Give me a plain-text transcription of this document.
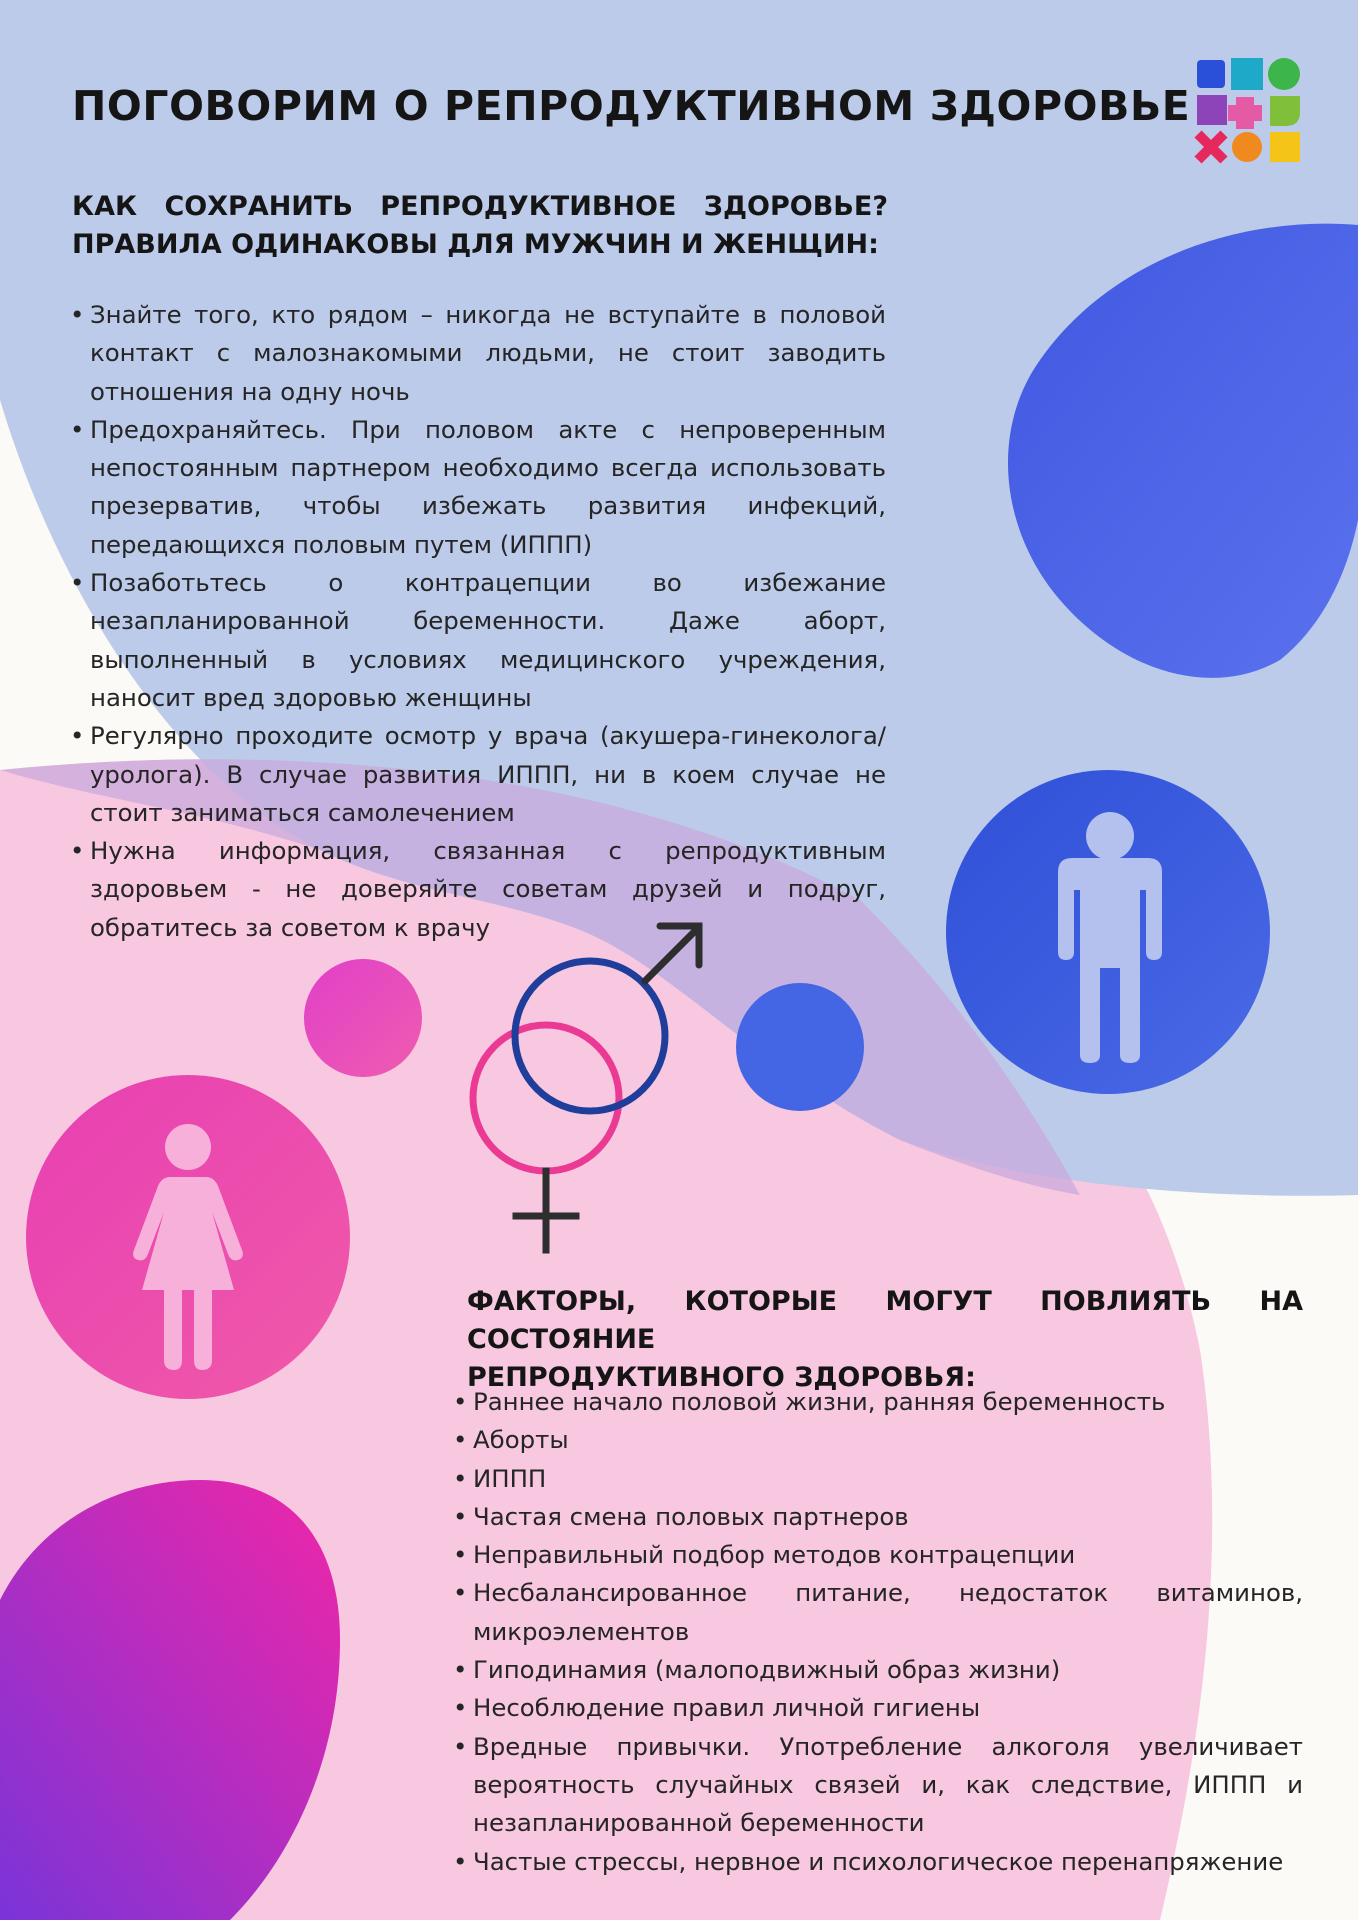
ПОГОВОРИМ О РЕПРОДУКТИВНОМ ЗДОРОВЬЕ
КАК СОХРАНИТЬ РЕПРОДУКТИВНОЕ ЗДОРОВЬЕ?
ПРАВИЛА ОДИНАКОВЫ ДЛЯ МУЖЧИН И ЖЕНЩИН:
• Знайте того, кто рядом – никогда не вступайте в половой контакт с малознакомыми людьми, не стоит заводить отношения на одну ночь
• Предохраняйтесь. При половом акте с непроверенным непостоянным партнером необходимо всегда использовать презерватив, чтобы избежать развития инфекций, передающихся половым путем (ИППП)
• Позаботьтесь о контрацепции во избежание незапланированной беременности. Даже аборт, выполненный в условиях медицинского учреждения, наносит вред здоровью женщины
• Регулярно проходите осмотр у врача (акушера-гинеколога/ уролога). В случае развития ИППП, ни в коем случае не стоит заниматься самолечением
• Нужна информация, связанная с репродуктивным здоровьем - не доверяйте советам друзей и подруг, обратитесь за советом к врачу
ФАКТОРЫ, КОТОРЫЕ МОГУТ ПОВЛИЯТЬ НА СОСТОЯНИЕ
РЕПРОДУКТИВНОГО ЗДОРОВЬЯ:
• Раннее начало половой жизни, ранняя беременность
• Аборты
• ИППП
• Частая смена половых партнеров
• Неправильный подбор методов контрацепции
• Несбалансированное питание, недостаток витаминов, микроэлементов
• Гиподинамия (малоподвижный образ жизни)
• Несоблюдение правил личной гигиены
• Вредные привычки. Употребление алкоголя увеличивает вероятность случайных связей и, как следствие, ИППП и незапланированной беременности
• Частые стрессы, нервное и психологическое перенапряжение
